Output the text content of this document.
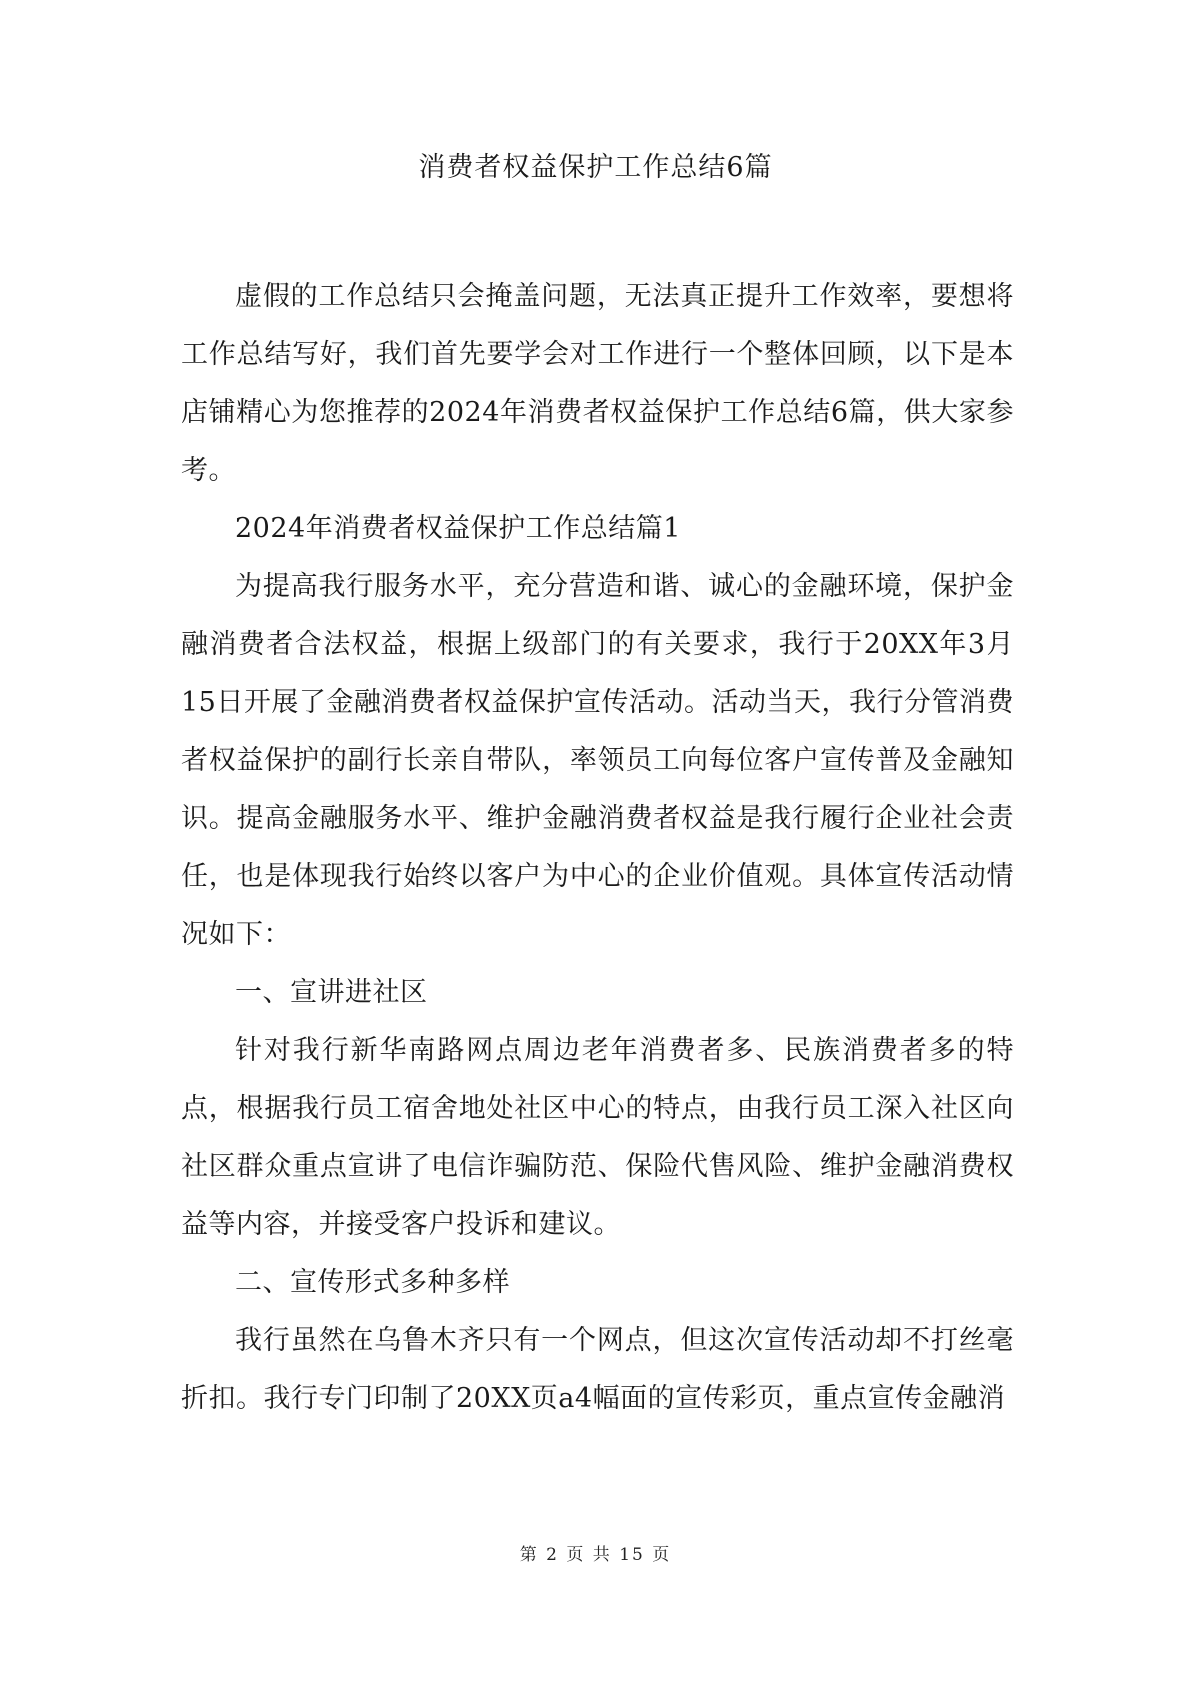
消费者权益保护工作总结6篇

虚假的工作总结只会掩盖问题，无法真正提升工作效率，要想将工作总结写好，我们首先要学会对工作进行一个整体回顾，以下是本店铺精心为您推荐的2024年消费者权益保护工作总结6篇，供大家参考。

2024年消费者权益保护工作总结篇1

为提高我行服务水平，充分营造和谐、诚心的金融环境，保护金融消费者合法权益，根据上级部门的有关要求，我行于20XX年3月15日开展了金融消费者权益保护宣传活动。活动当天，我行分管消费者权益保护的副行长亲自带队，率领员工向每位客户宣传普及金融知识。提高金融服务水平、维护金融消费者权益是我行履行企业社会责任，也是体现我行始终以客户为中心的企业价值观。具体宣传活动情况如下：

一、宣讲进社区

针对我行新华南路网点周边老年消费者多、民族消费者多的特点，根据我行员工宿舍地处社区中心的特点，由我行员工深入社区向社区群众重点宣讲了电信诈骗防范、保险代售风险、维护金融消费权益等内容，并接受客户投诉和建议。

二、宣传形式多种多样

我行虽然在乌鲁木齐只有一个网点，但这次宣传活动却不打丝毫折扣。我行专门印制了20XX页a4幅面的宣传彩页，重点宣传金融消

第 2 页 共 15 页
